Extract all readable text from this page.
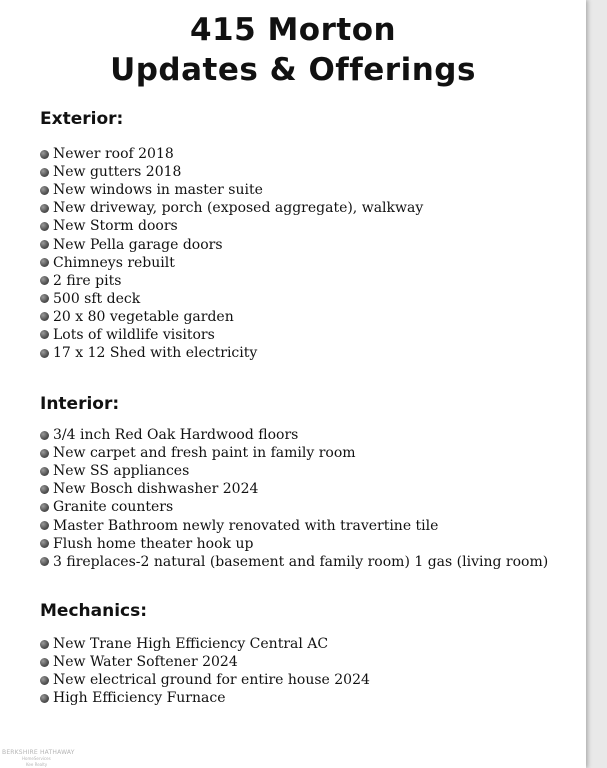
415 Morton
Updates & Offerings
Exterior:
Newer roof 2018
New gutters 2018
New windows in master suite
New driveway, porch (exposed aggregate), walkway
New Storm doors
New Pella garage doors
Chimneys rebuilt
2 fire pits
500 sft deck
20 x 80 vegetable garden
Lots of wildlife visitors
17 x 12 Shed with electricity
Interior:
3/4 inch Red Oak Hardwood floors
New carpet and fresh paint in family room
New SS appliances
New Bosch dishwasher 2024
Granite counters
Master Bathroom newly renovated with travertine tile
Flush home theater hook up
3 fireplaces-2 natural (basement and family room) 1 gas (living room)
Mechanics:
New Trane High Efficiency Central AC
New Water Softener 2024
New electrical ground for entire house 2024
High Efficiency Furnace
BERKSHIRE HATHAWAY
HomeServices
Kee Realty
